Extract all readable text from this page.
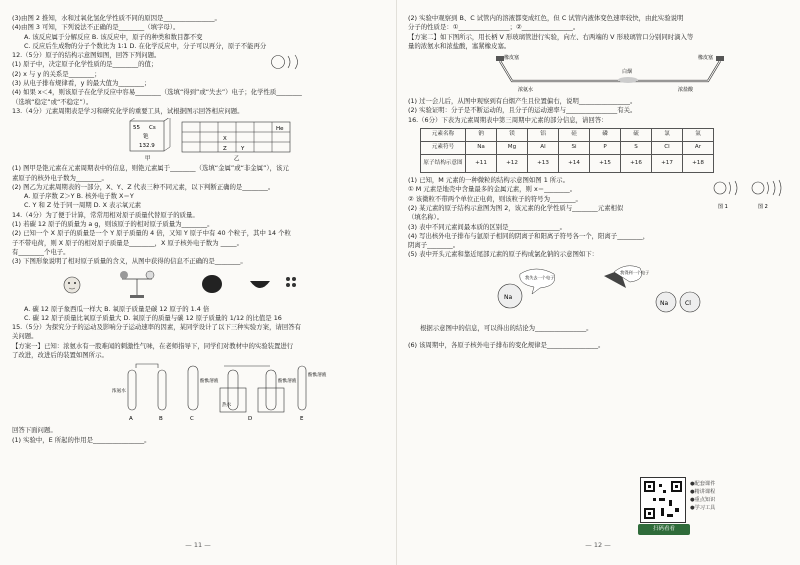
(3)由图 2 推知，水和过氧化氢化学性质不同的原因是________________。
(4)由图 3 可知，下列说法不正确的是________（填字母）。
A. 该反应属于分解反应 B. 该反应中，原子的种类和数目都不变
C. 反应后生成物的分子个数比为 1∶1 D. 在化学反应中，分子可以再分，原子不能再分
12.（5分）原子的结构示意图如图，回答下列问题。
(1) 原子中，决定原子化学性质的是________的值；
(2) x 与 y 的关系是________；
(3) 从电子排布规律看，y 的最大值为________；
(4) 如果 x＜4，则该原子在化学反应中容易________（选填“得到”或“失去”）电子；化学性质________
（选填“稳定”或“不稳定”）。
13.（4分）元素周期表是学习和研究化学的重要工具，试根据图示回答相应问题。
55 Cs
铯
132.9
甲
He
X
Y
Z
乙
(1) 图甲是铯元素在元素周期表中的信息，则铯元素属于________（选填“金属”或“非金属”），该元
素原子的核外电子数为________。
(2) 图乙为元素周期表的一部分，X、Y、Z 代表三种不同元素，以下判断正确的是________。
A. 原子序数 Z＞Y B. 核外电子数 X＝Y
C. Y 和 Z 处于同一周期 D. X 表示氧元素
14.（4分）为了便于计算，常常用相对原子质量代替原子的质量。
(1) 若碳 12 原子的质量为 a g，则该原子的相对原子质量为________。
(2) 已知一个 X 原子的质量是一个 Y 原子质量的 4 倍，又知 Y 原子中有 40 个粒子，其中 14 个粒
子不带电荷，则 X 原子的相对原子质量是________，X 原子核外电子数为 _____。
有________个电子。
(3) 下图形象说明了相对原子质量的含义，从图中获得的信息不正确的是________。
A. 碳 12 原子象西瓜一样大 B. 氧原子质量是碳 12 原子的 1.4 倍
C. 碳 12 原子质量比氧原子质量大 D. 氧原子的质量与碳 12 原子质量的 1/12 的比值是 16
15.（5分）为探究分子的运动及影响分子运动速率的因素，某同学设计了以下三种实验方案，请回答有
关问题。
【方案一】已知：浓氨水有一股难闻的刺激性气味，在老师指导下，同学们对教材中的实验装置进行
了改进，改进后的装置如图所示。
A	B	C	D	E
浓氨水
酚酞溶液
热水
酚酞溶液
酚酞溶液
回答下面问题。
(1) 实验中，E 所起的作用是________________。
— 11 —
(2) 实验中观察到 B、C 试管内的溶液都变成红色，但 C 试管内液体变色速率较快，由此实验说明
分子的性质是：①________________；②________________。
【方案二】如下图所示，用长柄 V 形玻璃管进行实验，向左、右两端的 V 形玻璃管口分别同时滴入等
量的浓氨水和浓盐酸，塞紧橡皮塞。
橡皮塞
白烟
橡皮塞
浓氨水	浓盐酸
(1) 过一会儿后，从图中观察到有白烟产生且位置偏右，说明________________。
(2) 实验证明：分子是不断运动的，且分子的运动速率与________________有关。
16.（6分）下表为元素周期表中第三周期中元素的部分信息，请回答：
元素名称	钠	镁	铝	硅	磷	硫	氯	氩
元素符号	Na	Mg	Al	Si	P	S	Cl	Ar
原子结构示意图	+11	+12	+13	+14	+15	+16	+17	+18
(1) 已知，M 元素的一种微粒的结构示意图如图 1 所示。
① M 元素是地壳中含量最多的金属元素，则 x＝________。
② 该微粒不带两个单位正电荷，则该粒子的符号为________。
(2) 某元素的原子结构示意图为图 2，该元素的化学性质与________元素相似
（填名称）。
图 1	图 2
(3) 表中不同元素间最本质的区别是________________。
(4) 写出核外电子排布与氩原子相同的阴离子和阳离子符号各一个，阳离子________，
阴离子________。
(5) 表中开头元素和靠近尾部元素的原子构成氯化钠的示意图如下：
Na
我失去一个电子
我得到一个电子
Na	Cl
根据示意图中的信息，可以得出的结论为________________。
(6) 该周期中，各原子核外电子排布的变化规律是________________。
●配套课件
●精讲课程
●重点知识
●学习工具
扫码看看
— 12 —
